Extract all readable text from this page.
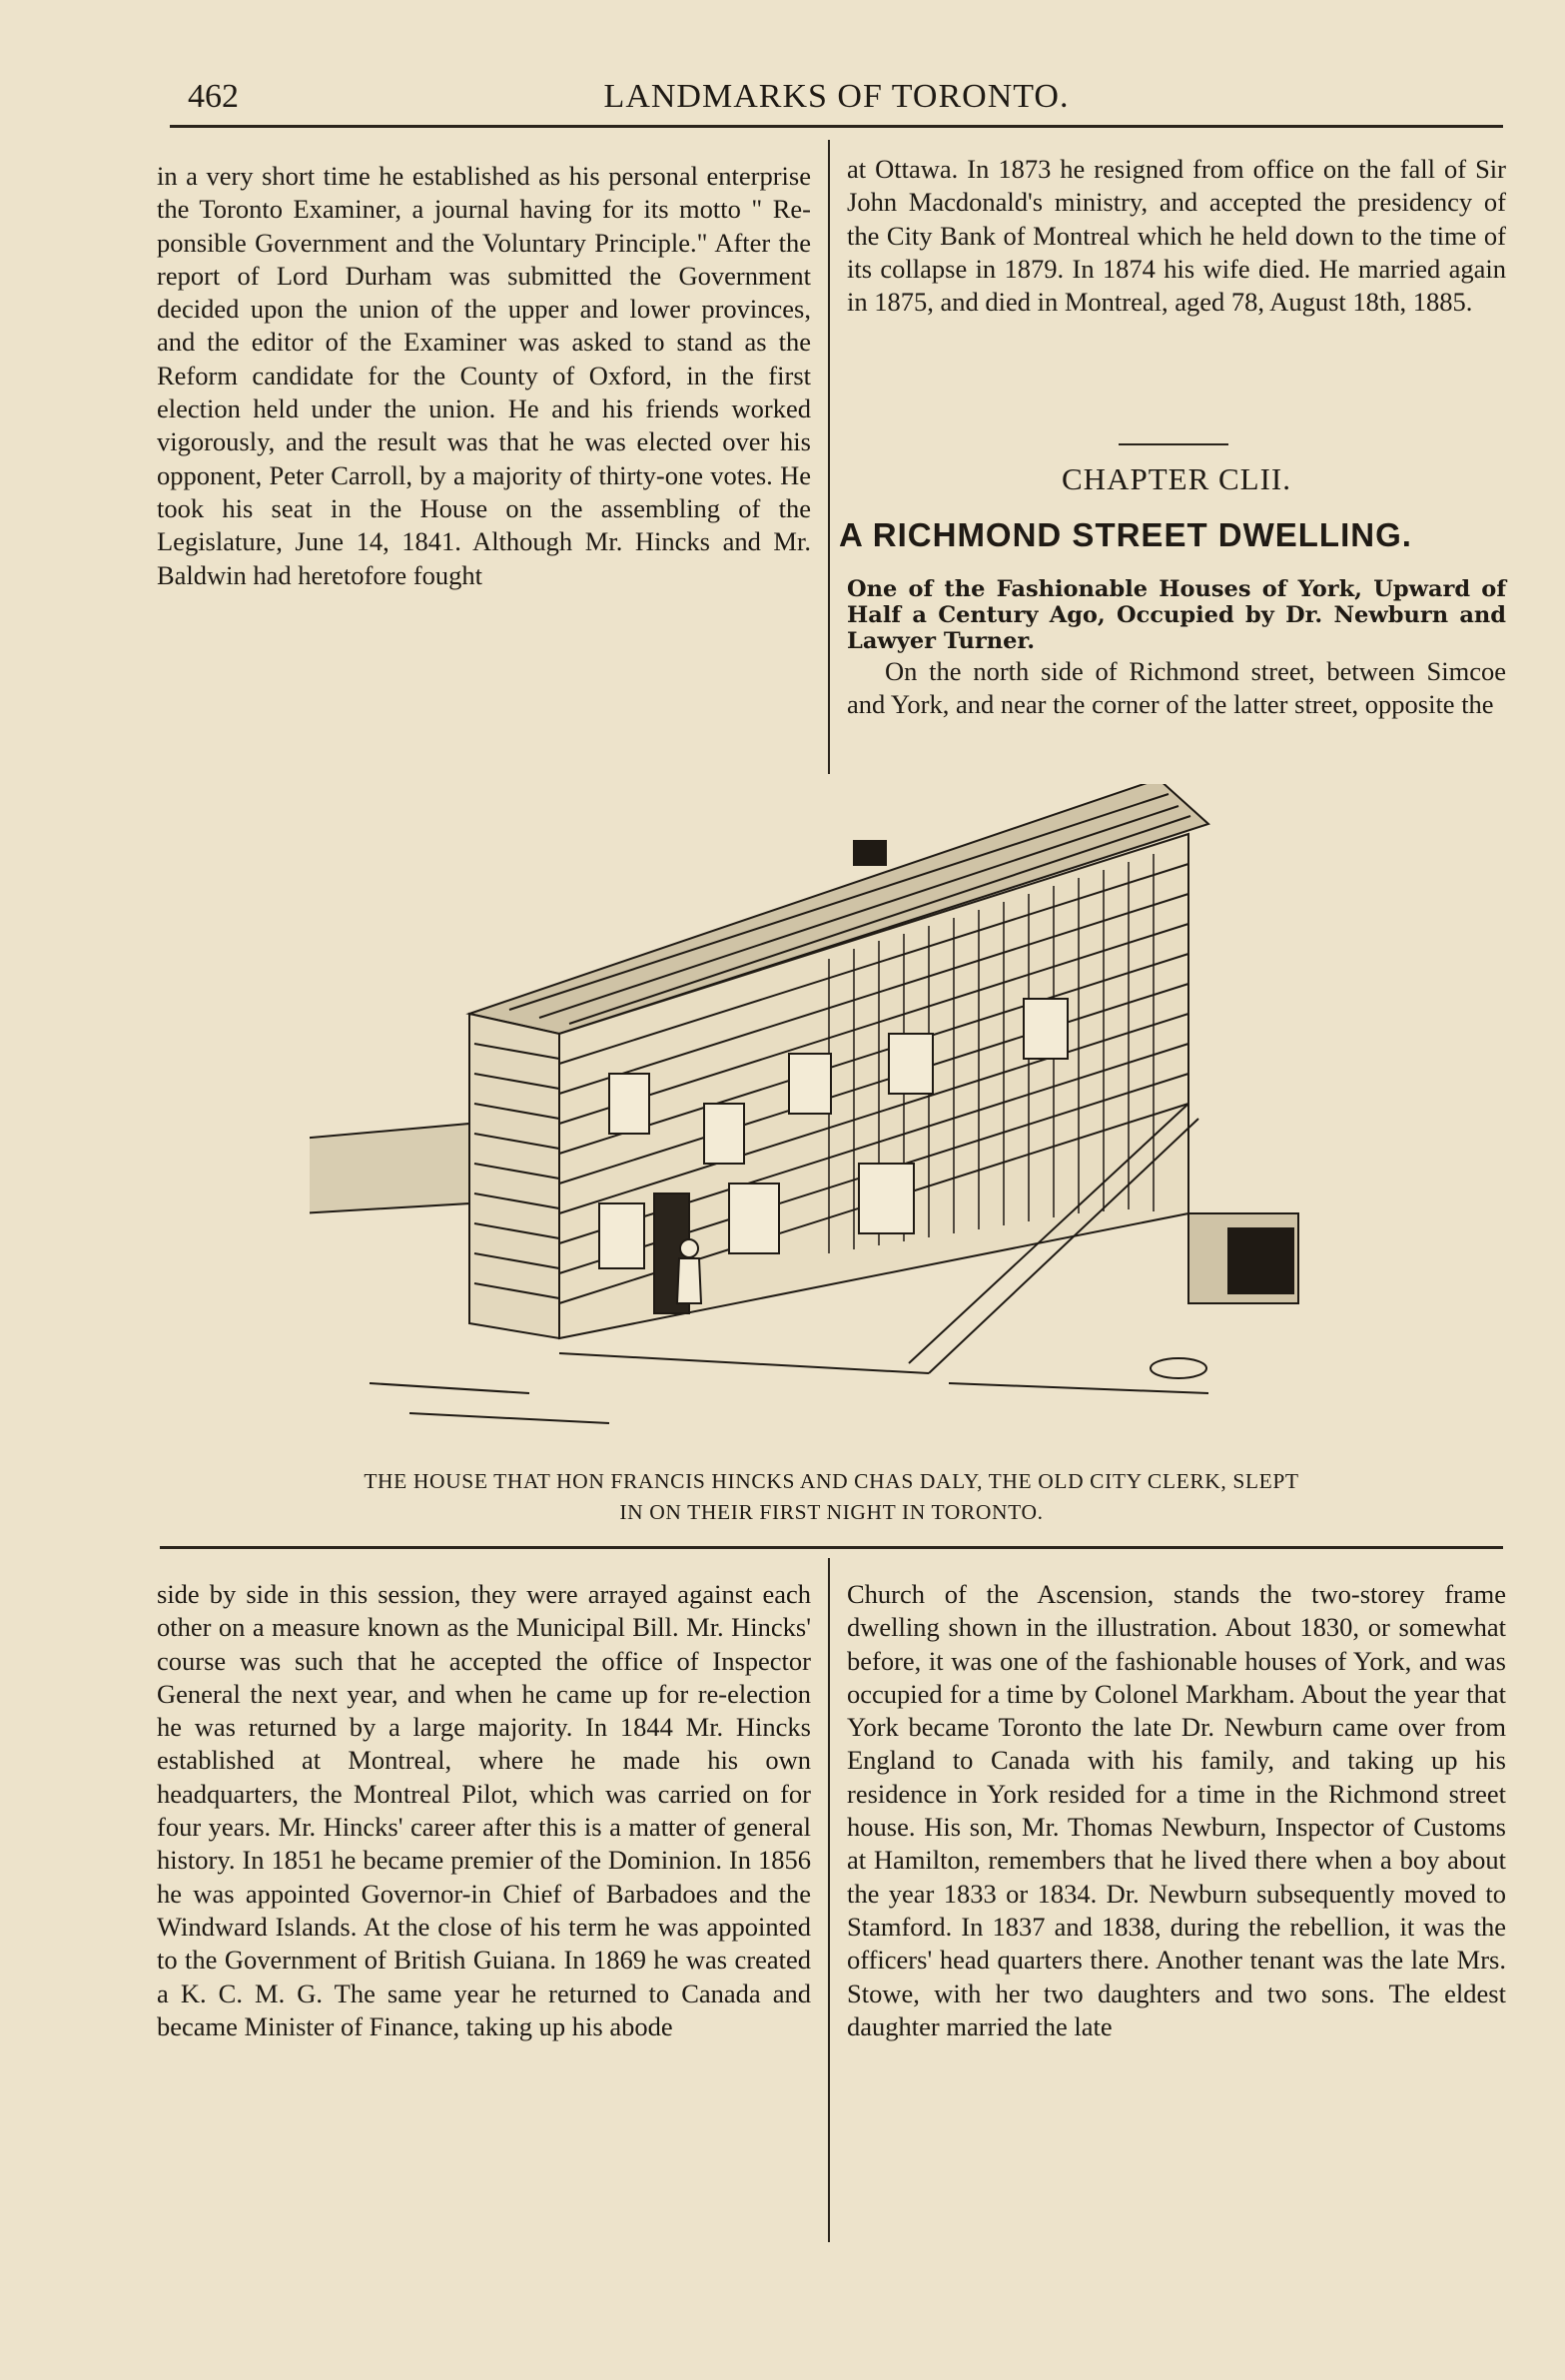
462	LANDMARKS OF TORONTO.

in a very short time he established as his personal enterprise the Toronto Examiner, a journal having for its motto " Re-ponsible Government and the Voluntary Principle." After the report of Lord Durham was submitted the Government decided upon the union of the upper and lower provinces, and the editor of the Examiner was asked to stand as the Reform candidate for the County of Oxford, in the first election held under the union. He and his friends worked vigorously, and the result was that he was elected over his opponent, Peter Carroll, by a majority of thirty-one votes. He took his seat in the House on the assembling of the Legislature, June 14, 1841. Although Mr. Hincks and Mr. Baldwin had heretofore fought

at Ottawa. In 1873 he resigned from office on the fall of Sir John Macdonald's ministry, and accepted the presidency of the City Bank of Montreal which he held down to the time of its collapse in 1879. In 1874 his wife died. He married again in 1875, and died in Montreal, aged 78, August 18th, 1885.

CHAPTER CLII.
A RICHMOND STREET DWELLING.
One of the Fashionable Houses of York, Upward of Half a Century Ago, Occupied by Dr. Newburn and Lawyer Turner.

On the north side of Richmond street, between Simcoe and York, and near the corner of the latter street, opposite the

THE HOUSE THAT HON FRANCIS HINCKS AND CHAS DALY, THE OLD CITY CLERK, SLEPT
IN ON THEIR FIRST NIGHT IN TORONTO.

side by side in this session, they were arrayed against each other on a measure known as the Municipal Bill. Mr. Hincks' course was such that he accepted the office of Inspector General the next year, and when he came up for re-election he was returned by a large majority. In 1844 Mr. Hincks established at Montreal, where he made his own headquarters, the Montreal Pilot, which was carried on for four years. Mr. Hincks' career after this is a matter of general history. In 1851 he became premier of the Dominion. In 1856 he was appointed Governor-in Chief of Barbadoes and the Windward Islands. At the close of his term he was appointed to the Government of British Guiana. In 1869 he was created a K. C. M. G. The same year he returned to Canada and became Minister of Finance, taking up his abode

Church of the Ascension, stands the two-storey frame dwelling shown in the illustration. About 1830, or somewhat before, it was one of the fashionable houses of York, and was occupied for a time by Colonel Markham. About the year that York became Toronto the late Dr. Newburn came over from England to Canada with his family, and taking up his residence in York resided for a time in the Richmond street house. His son, Mr. Thomas Newburn, Inspector of Customs at Hamilton, remembers that he lived there when a boy about the year 1833 or 1834. Dr. Newburn subsequently moved to Stamford. In 1837 and 1838, during the rebellion, it was the officers' head quarters there. Another tenant was the late Mrs. Stowe, with her two daughters and two sons. The eldest daughter married the late
